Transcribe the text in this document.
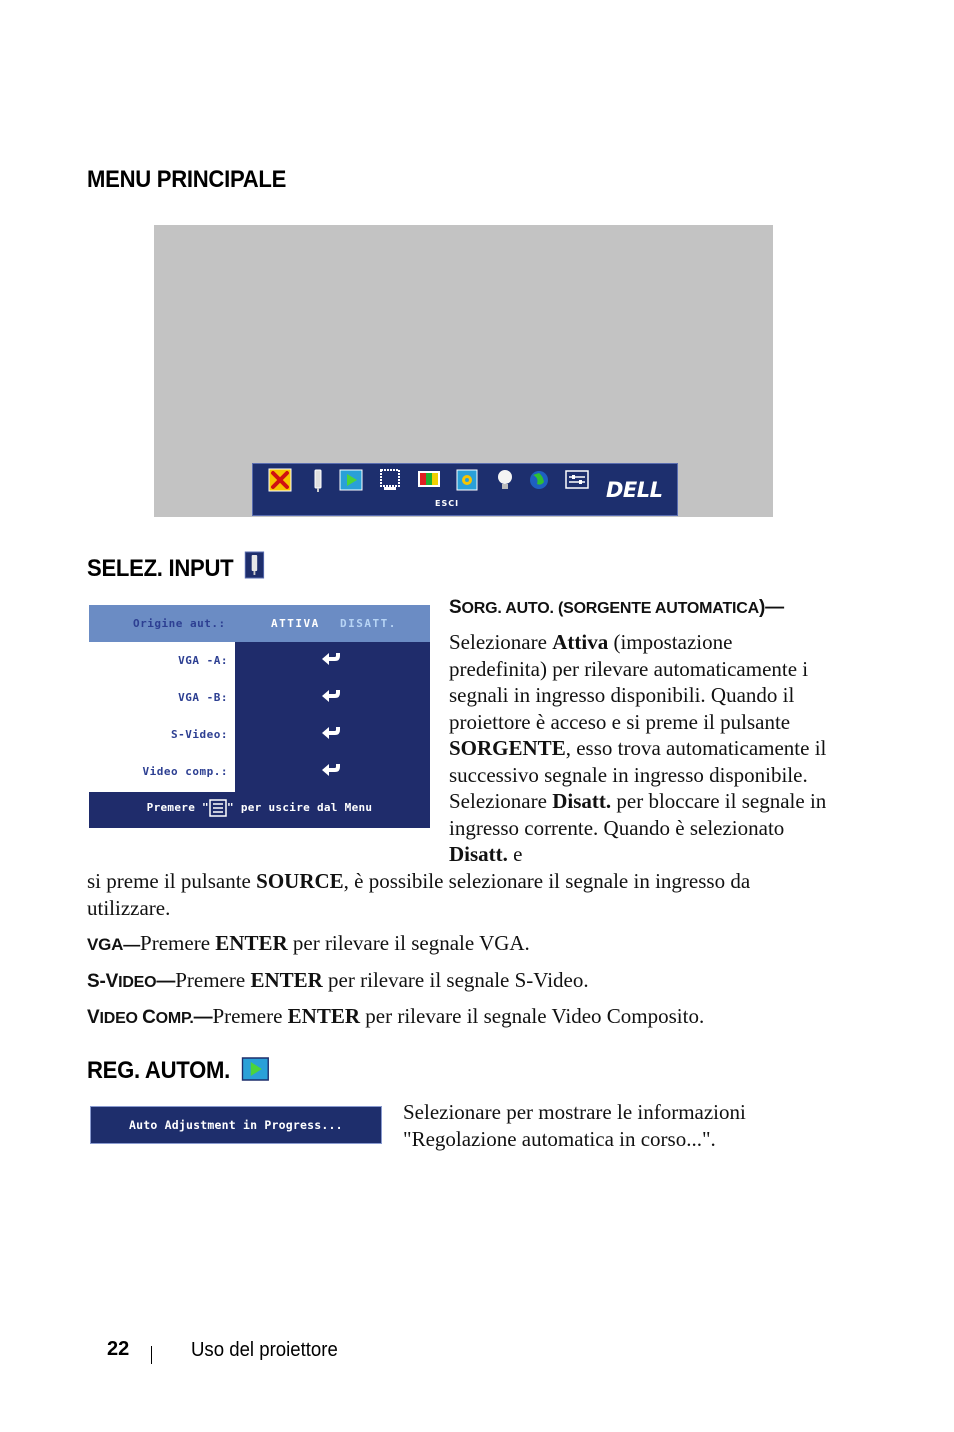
MENU PRINCIPALE
ESCI
DELL
SELEZ. INPUT
Origine aut.:	ATTIVA DISATT.
VGA -A:
VGA -B:
S-Video:
Video comp.:
Premere " " per uscire dal Menu
SORG. AUTO. (SORGENTE AUTOMATICA)—
Selezionare Attiva (impostazione predefinita) per rilevare automaticamente i segnali in ingresso disponibili. Quando il proiettore è acceso e si preme il pulsante SORGENTE, esso trova automaticamente il successivo segnale in ingresso disponibile. Selezionare Disatt. per bloccare il segnale in ingresso corrente. Quando è selezionato Disatt. e
si preme il pulsante SOURCE, è possibile selezionare il segnale in ingresso da utilizzare.
VGA—Premere ENTER per rilevare il segnale VGA.
S-VIDEO—Premere ENTER per rilevare il segnale S-Video.
VIDEO COMP.—Premere ENTER per rilevare il segnale Video Composito.
REG. AUTOM.
Auto Adjustment in Progress...
Selezionare per mostrare le informazioni "Regolazione automatica in corso...".
22	Uso del proiettore
